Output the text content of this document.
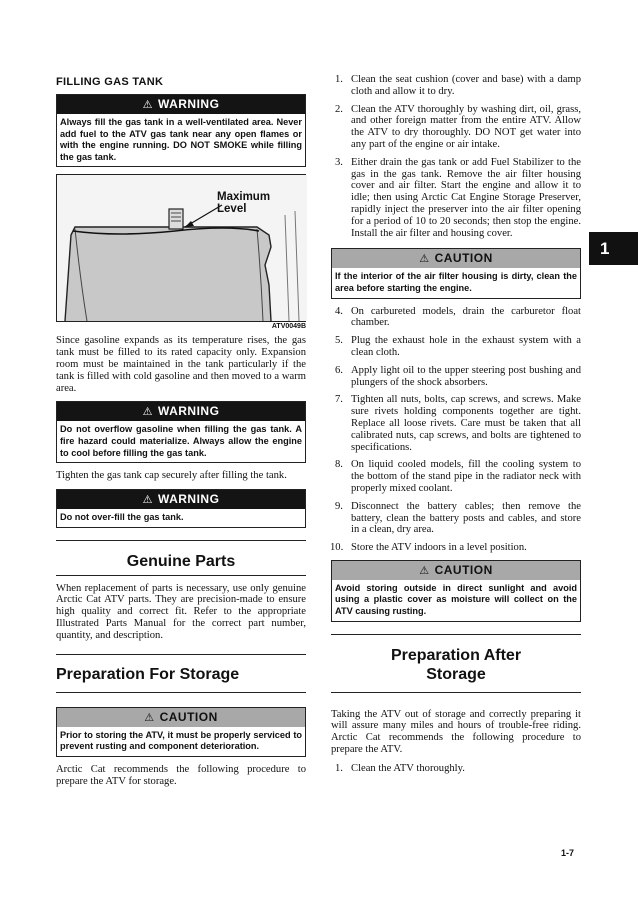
FILLING GAS TANK
⚠ WARNING
Always fill the gas tank in a well-ventilated area. Never add fuel to the ATV gas tank near any open flames or with the engine running. DO NOT SMOKE while filling the gas tank.
Maximum
Level
ATV0049B

Since gasoline expands as its temperature rises, the gas tank must be filled to its rated capacity only. Expansion room must be maintained in the tank particularly if the tank is filled with cold gasoline and then moved to a warm area.

⚠ WARNING
Do not overflow gasoline when filling the gas tank. A fire hazard could materialize. Always allow the engine to cool before filling the gas tank.

Tighten the gas tank cap securely after filling the tank.

⚠ WARNING
Do not over-fill the gas tank.
Genuine Parts

When replacement of parts is necessary, use only genuine Arctic Cat ATV parts. They are precision-made to ensure high quality and correct fit. Refer to the appropriate Illustrated Parts Manual for the correct part number, quantity, and description.

Preparation For Storage
⚠ CAUTION
Prior to storing the ATV, it must be properly serviced to prevent rusting and component deterioration.

Arctic Cat recommends the following procedure to prepare the ATV for storage.

1. Clean the seat cushion (cover and base) with a damp cloth and allow it to dry.
2. Clean the ATV thoroughly by washing dirt, oil, grass, and other foreign matter from the entire ATV. Allow the ATV to dry thoroughly. DO NOT get water into any part of the engine or air intake.
3. Either drain the gas tank or add Fuel Stabilizer to the gas in the gas tank. Remove the air filter housing cover and air filter. Start the engine and allow it to idle; then using Arctic Cat Engine Storage Preserver, rapidly inject the preserver into the air filter opening for a period of 10 to 20 seconds; then stop the engine. Install the air filter and housing cover.
⚠ CAUTION
If the interior of the air filter housing is dirty, clean the area before starting the engine.
4. On carbureted models, drain the carburetor float chamber.
5. Plug the exhaust hole in the exhaust system with a clean cloth.
6. Apply light oil to the upper steering post bushing and plungers of the shock absorbers.
7. Tighten all nuts, bolts, cap screws, and screws. Make sure rivets holding components together are tight. Replace all loose rivets. Care must be taken that all calibrated nuts, cap screws, and bolts are tightened to specifications.
8. On liquid cooled models, fill the cooling system to the bottom of the stand pipe in the radiator neck with properly mixed coolant.
9. Disconnect the battery cables; then remove the battery, clean the battery posts and cables, and store in a clean, dry area.
10. Store the ATV indoors in a level position.
⚠ CAUTION
Avoid storing outside in direct sunlight and avoid using a plastic cover as moisture will collect on the ATV causing rusting.
Preparation After
Storage

Taking the ATV out of storage and correctly preparing it will assure many miles and hours of trouble-free riding. Arctic Cat recommends the following procedure to prepare the ATV.

1. Clean the ATV thoroughly.
1
1-7
